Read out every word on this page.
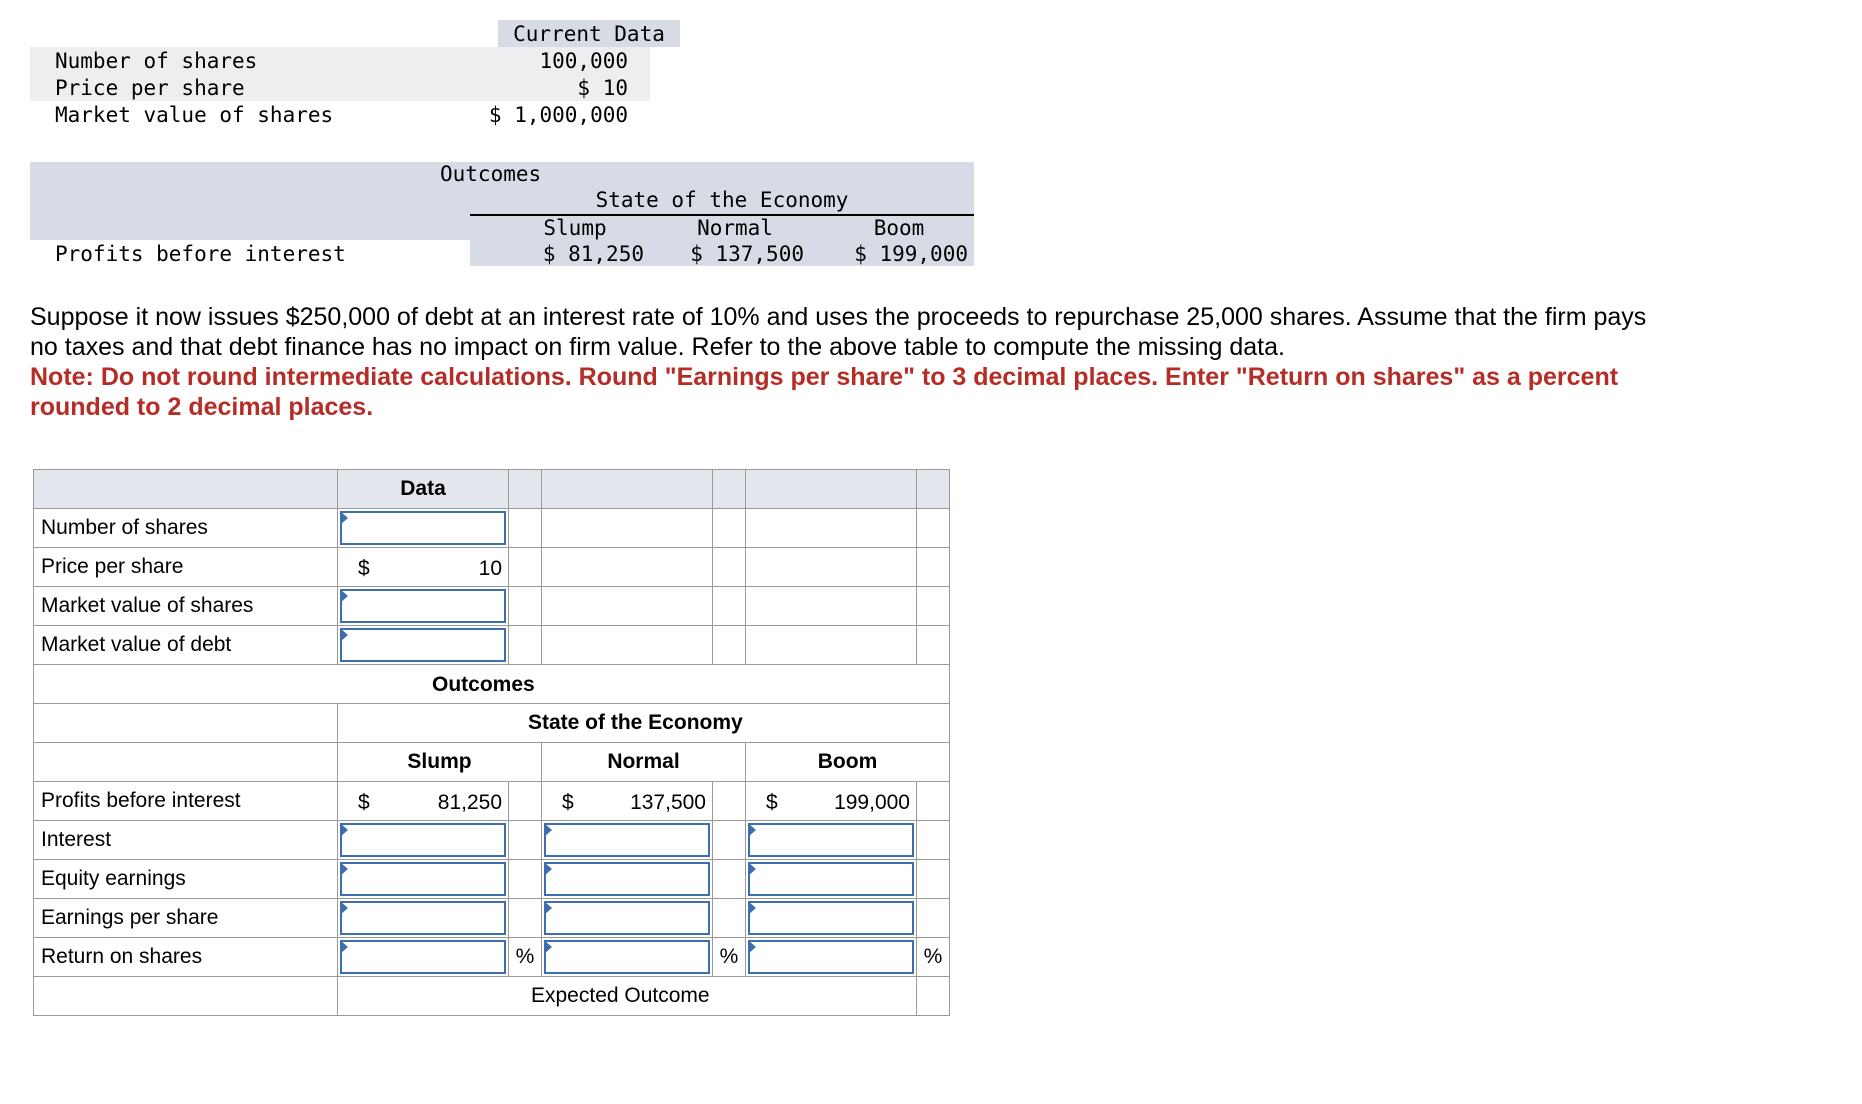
Current Data
Number of shares	100,000
Price per share	$ 10
Market value of shares	$ 1,000,000
Outcomes
State of the Economy
Slump	Normal	Boom
Profits before interest	$ 81,250	$ 137,500	$ 199,000
Suppose it now issues $250,000 of debt at an interest rate of 10% and uses the proceeds to repurchase 25,000 shares. Assume that the firm pays no taxes and that debt finance has no impact on firm value. Refer to the above table to compute the missing data.
Note: Do not round intermediate calculations. Round "Earnings per share" to 3 decimal places. Enter "Return on shares" as a percent rounded to 2 decimal places.
	Data					
Number of shares	

Price per share	$ 10					

Market value of shares	

Market value of debt	

Outcomes						

	State of the Economy					
	Slump		Normal		Boom	
Profits before interest	$ 81,250		$ 137,500		$ 199,000	

Interest	

Equity earnings	

Earnings per share	

Return on shares		%		%		%
	Expected Outcome					
